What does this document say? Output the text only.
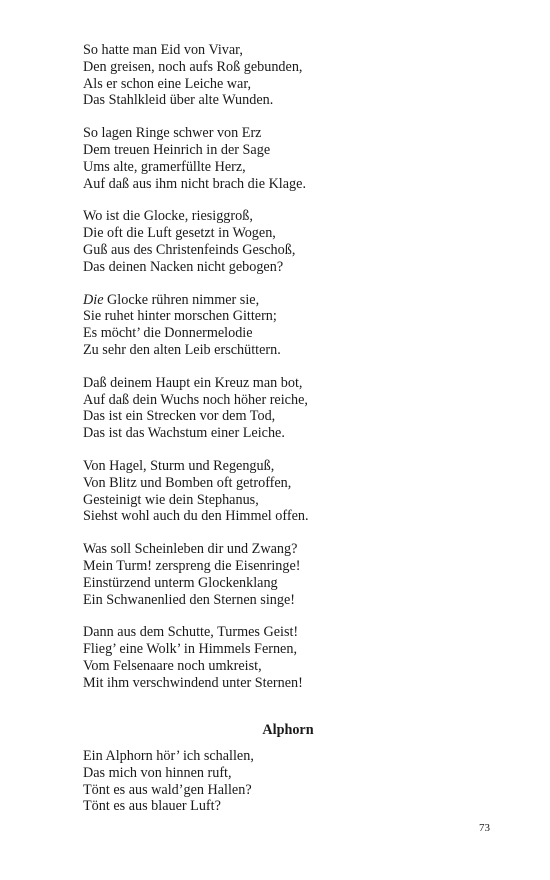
So hatte man Eid von Vivar,
Den greisen, noch aufs Roß gebunden,
Als er schon eine Leiche war,
Das Stahlkleid über alte Wunden.
So lagen Ringe schwer von Erz
Dem treuen Heinrich in der Sage
Ums alte, gramerfüllte Herz,
Auf daß aus ihm nicht brach die Klage.
Wo ist die Glocke, riesiggroß,
Die oft die Luft gesetzt in Wogen,
Guß aus des Christenfeinds Geschoß,
Das deinen Nacken nicht gebogen?
Die Glocke rühren nimmer sie,
Sie ruhet hinter morschen Gittern;
Es möcht’ die Donnermelodie
Zu sehr den alten Leib erschüttern.
Daß deinem Haupt ein Kreuz man bot,
Auf daß dein Wuchs noch höher reiche,
Das ist ein Strecken vor dem Tod,
Das ist das Wachstum einer Leiche.
Von Hagel, Sturm und Regenguß,
Von Blitz und Bomben oft getroffen,
Gesteinigt wie dein Stephanus,
Siehst wohl auch du den Himmel offen.
Was soll Scheinleben dir und Zwang?
Mein Turm! zerspreng die Eisenringe!
Einstürzend unterm Glockenklang
Ein Schwanenlied den Sternen singe!
Dann aus dem Schutte, Turmes Geist!
Flieg’ eine Wolk’ in Himmels Fernen,
Vom Felsenaare noch umkreist,
Mit ihm verschwindend unter Sternen!
Alphorn
Ein Alphorn hör’ ich schallen,
Das mich von hinnen ruft,
Tönt es aus wald’gen Hallen?
Tönt es aus blauer Luft?
73
